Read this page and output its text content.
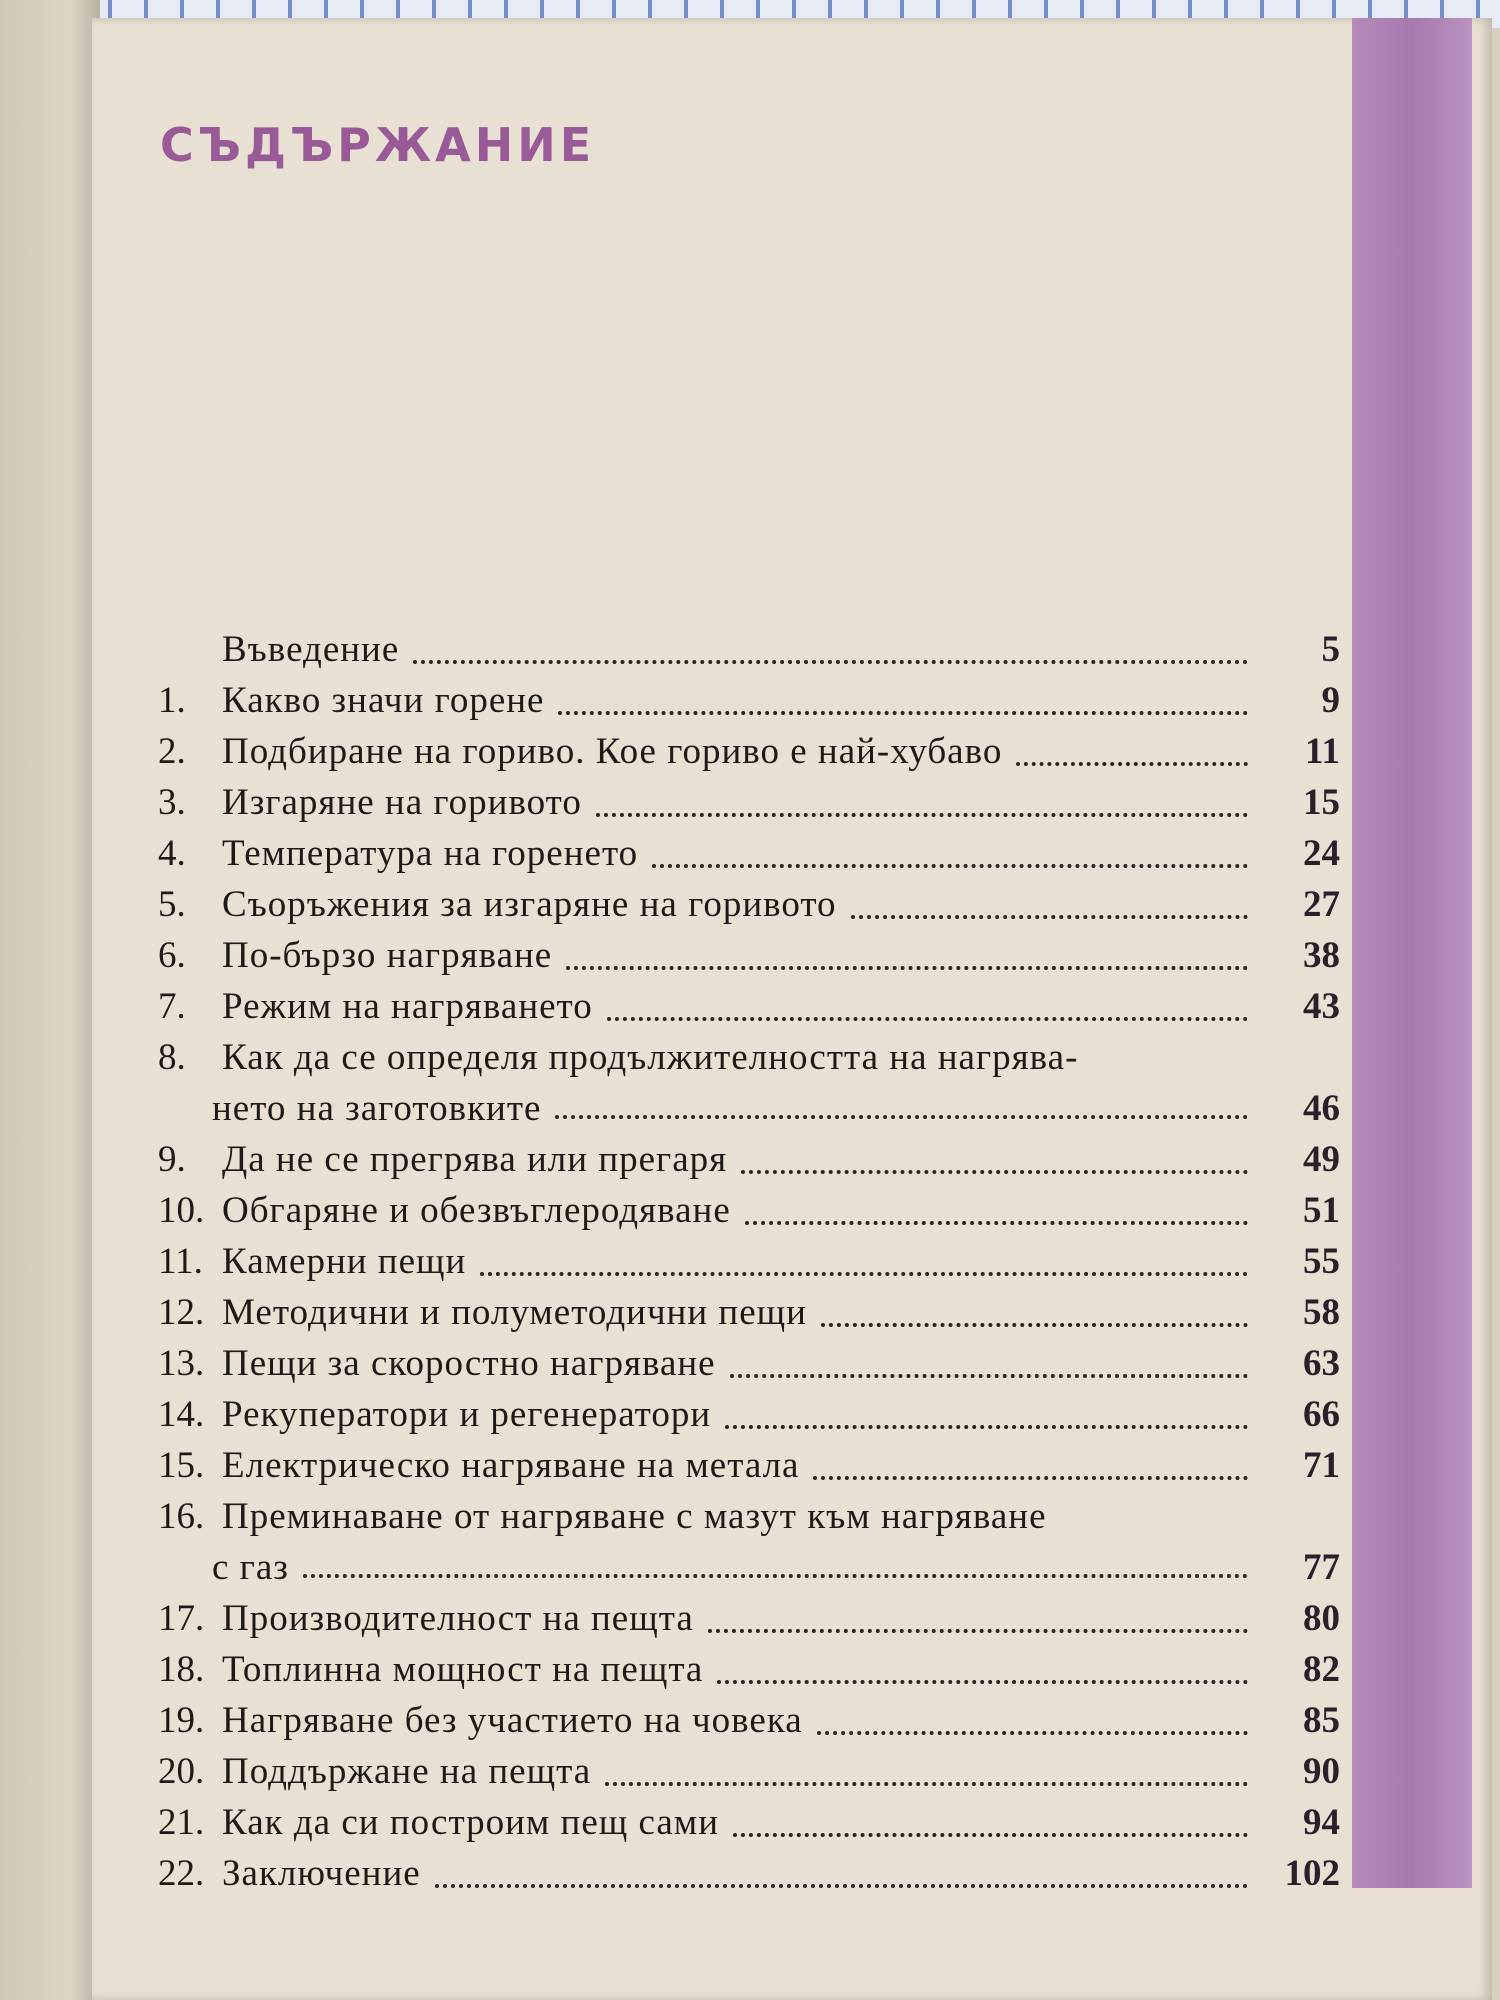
СЪДЪРЖАНИЕ
Въведение	5
1. Какво значи горене	9
2. Подбиране на гориво. Кое гориво е най-хубаво	11
3. Изгаряне на горивото	15
4. Температура на горенето	24
5. Съоръжения за изгаряне на горивото	27
6. По-бързо нагряване	38
7. Режим на нагряването	43
8. Как да се определя продължителността на нагрява-
нето на заготовките	46
9. Да не се прегрява или прегаря	49
10. Обгаряне и обезвъглеродяване	51
11. Камерни пещи	55
12. Методични и полуметодични пещи	58
13. Пещи за скоростно нагряване	63
14. Рекуператори и регенератори	66
15. Електрическо нагряване на метала	71
16. Преминаване от нагряване с мазут към нагряване
с газ	77
17. Производителност на пещта	80
18. Топлинна мощност на пещта	82
19. Нагряване без участието на човека	85
20. Поддържане на пещта	90
21. Как да си построим пещ сами	94
22. Заключение	102
